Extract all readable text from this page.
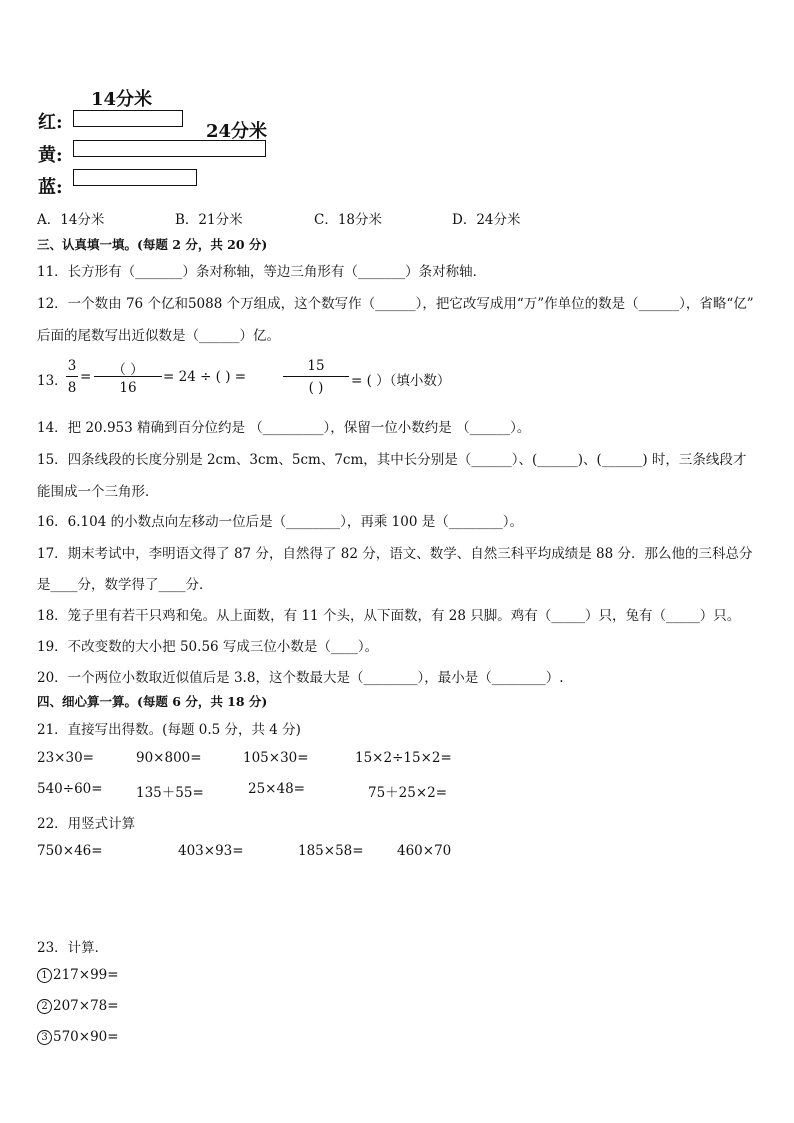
14分米
24分米
红:
黄:
蓝:
A．14分米	B．21分米	C．18分米	D．24分米
三、认真填一填。(每题 2 分，共 20 分)
11．长方形有（_______）条对称轴，等边三角形有（_______）条对称轴．
12．一个数由 76 个亿和5088 个万组成，这个数写作（______），把它改写成用“万”作单位的数是（______），省略“亿”
后面的尾数写出近似数是（______）亿。
13．
3
8
=	（ ）
16
= 24 ÷ ( ) =
15
( )	= ( ）（填小数）
14．把 20.953 精确到百分位约是 （_________），保留一位小数约是 （______）。
15．四条线段的长度分别是 2cm、3cm、5cm、7cm，其中长分别是（______）、(______)、(______) 时，三条线段才
能围成一个三角形．
16．6.104 的小数点向左移动一位后是（________），再乘 100 是（________）。
17．期末考试中，李明语文得了 87 分，自然得了 82 分，语文、数学、自然三科平均成绩是 88 分．那么他的三科总分
是____分，数学得了____分．
18．笼子里有若干只鸡和兔。从上面数，有 11 个头，从下面数，有 28 只脚。鸡有（_____）只，兔有（_____）只。
19．不改变数的大小把 50.56 写成三位小数是（____）。
20．一个两位小数取近似值后是 3.8，这个数最大是（________），最小是（________）.
四、细心算一算。(每题 6 分，共 18 分)
21．直接写出得数。(每题 0.5 分，共 4 分)
23×30=	90×800=	105×30=	15×2÷15×2=
540÷60= 135＋55=	25×48=	75＋25×2=
22．用竖式计算
750×46=	403×93=	185×58= 460×70
23．计算．
1 217×99=
2 207×78=
3 570×90=
